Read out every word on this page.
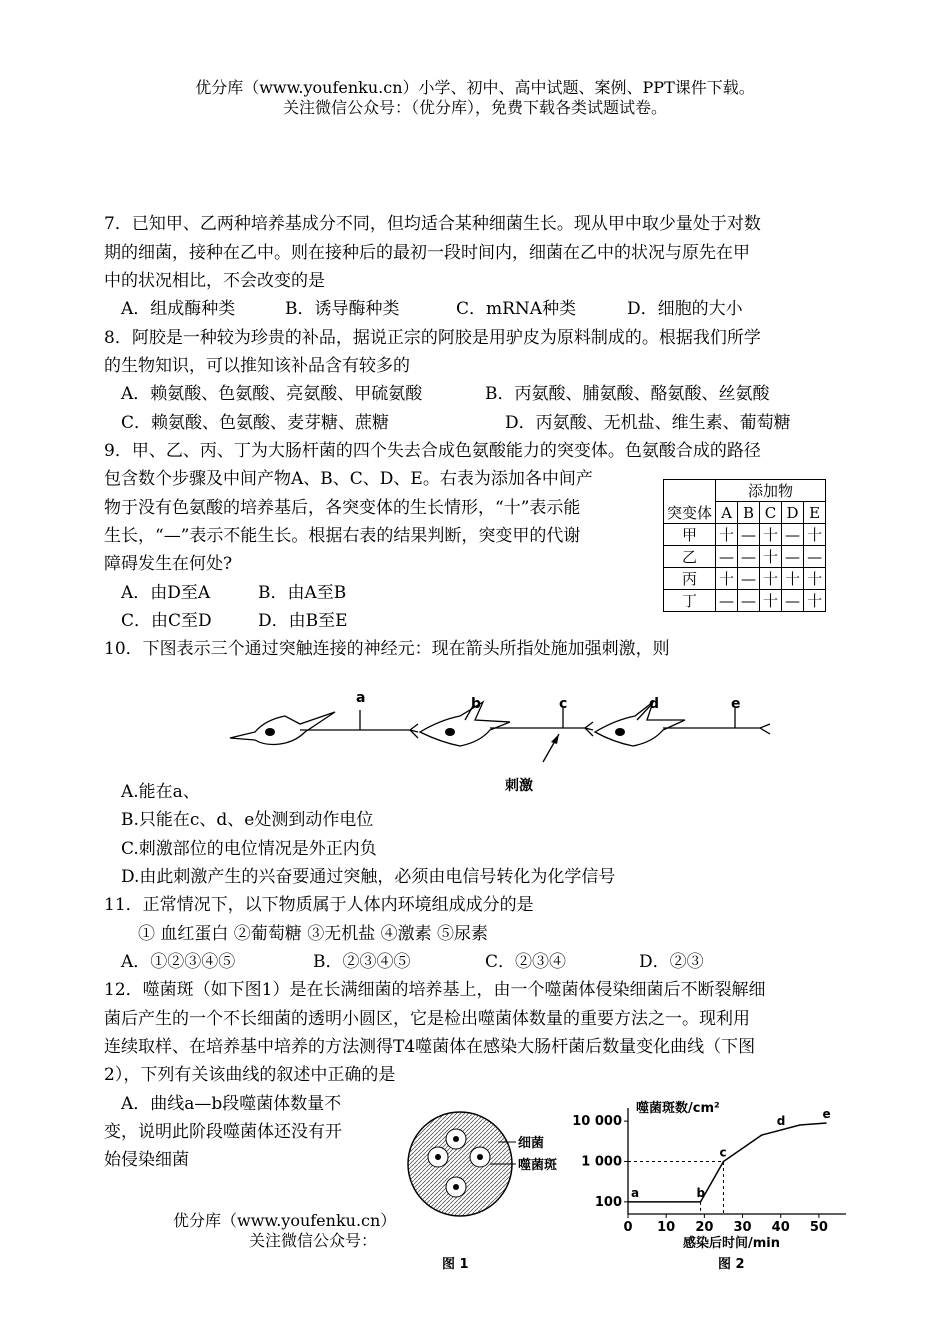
优分库（www.youfenku.cn）小学、初中、高中试题、案例、PPT课件下载。
关注微信公众号：（优分库），免费下载各类试题试卷。
7．已知甲、乙两种培养基成分不同，但均适合某种细菌生长。现从甲中取少量处于对数
期的细菌，接种在乙中。则在接种后的最初一段时间内，细菌在乙中的状况与原先在甲
中的状况相比，不会改变的是
A．组成酶种类	B．诱导酶种类	C．mRNA种类	D．细胞的大小
8．阿胶是一种较为珍贵的补品，据说正宗的阿胶是用驴皮为原料制成的。根据我们所学
的生物知识，可以推知该补品含有较多的
A．赖氨酸、色氨酸、亮氨酸、甲硫氨酸	B．丙氨酸、脯氨酸、酪氨酸、丝氨酸
C．赖氨酸、色氨酸、麦芽糖、蔗糖	D．丙氨酸、无机盐、维生素、葡萄糖
9．甲、乙、丙、丁为大肠杆菌的四个失去合成色氨酸能力的突变体。色氨酸合成的路径
包含数个步骤及中间产物A、B、C、D、E。右表为添加各中间产
物于没有色氨酸的培养基后，各突变体的生长情形，“十”表示能
生长，“—”表示不能生长。根据右表的结果判断，突变甲的代谢
障碍发生在何处?
A．由D至A	B．由A至B
C．由C至D	D．由B至E
	添加物				
突变体	A	B	C	D	E
甲	十	—	十	—	十
乙	—	—	十	—	—
丙	十	—	十	十	十
丁	—	—	十	—	十
10．下图表示三个通过突触连接的神经元：现在箭头所指处施加强刺激，则
a	b	c	d	e
刺激
A.能在a、
B.只能在c、d、e处测到动作电位
C.刺激部位的电位情况是外正内负
D.由此刺激产生的兴奋要通过突触，必须由电信号转化为化学信号
11．正常情况下，以下物质属于人体内环境组成成分的是
① 血红蛋白 ②葡萄糖 ③无机盐 ④激素 ⑤尿素
A．①②③④⑤	B．②③④⑤	C．②③④	D．②③
12．噬菌斑（如下图1）是在长满细菌的培养基上，由一个噬菌体侵染细菌后不断裂解细
菌后产生的一个不长细菌的透明小圆区，它是检出噬菌体数量的重要方法之一。现利用
连续取样、在培养基中培养的方法测得T4噬菌体在感染大肠杆菌后数量变化曲线（下图
2），下列有关该曲线的叙述中正确的是
A．曲线a—b段噬菌体数量不
变，说明此阶段噬菌体还没有开
始侵染细菌
优分库（www.youfenku.cn）
关注微信公众号：
细菌
噬菌斑
图 1
0 10 20 30 40 50
100
1 000
10 000
a	b
c
d
e
噬菌斑数/cm²
感染后时间/min
图 2
